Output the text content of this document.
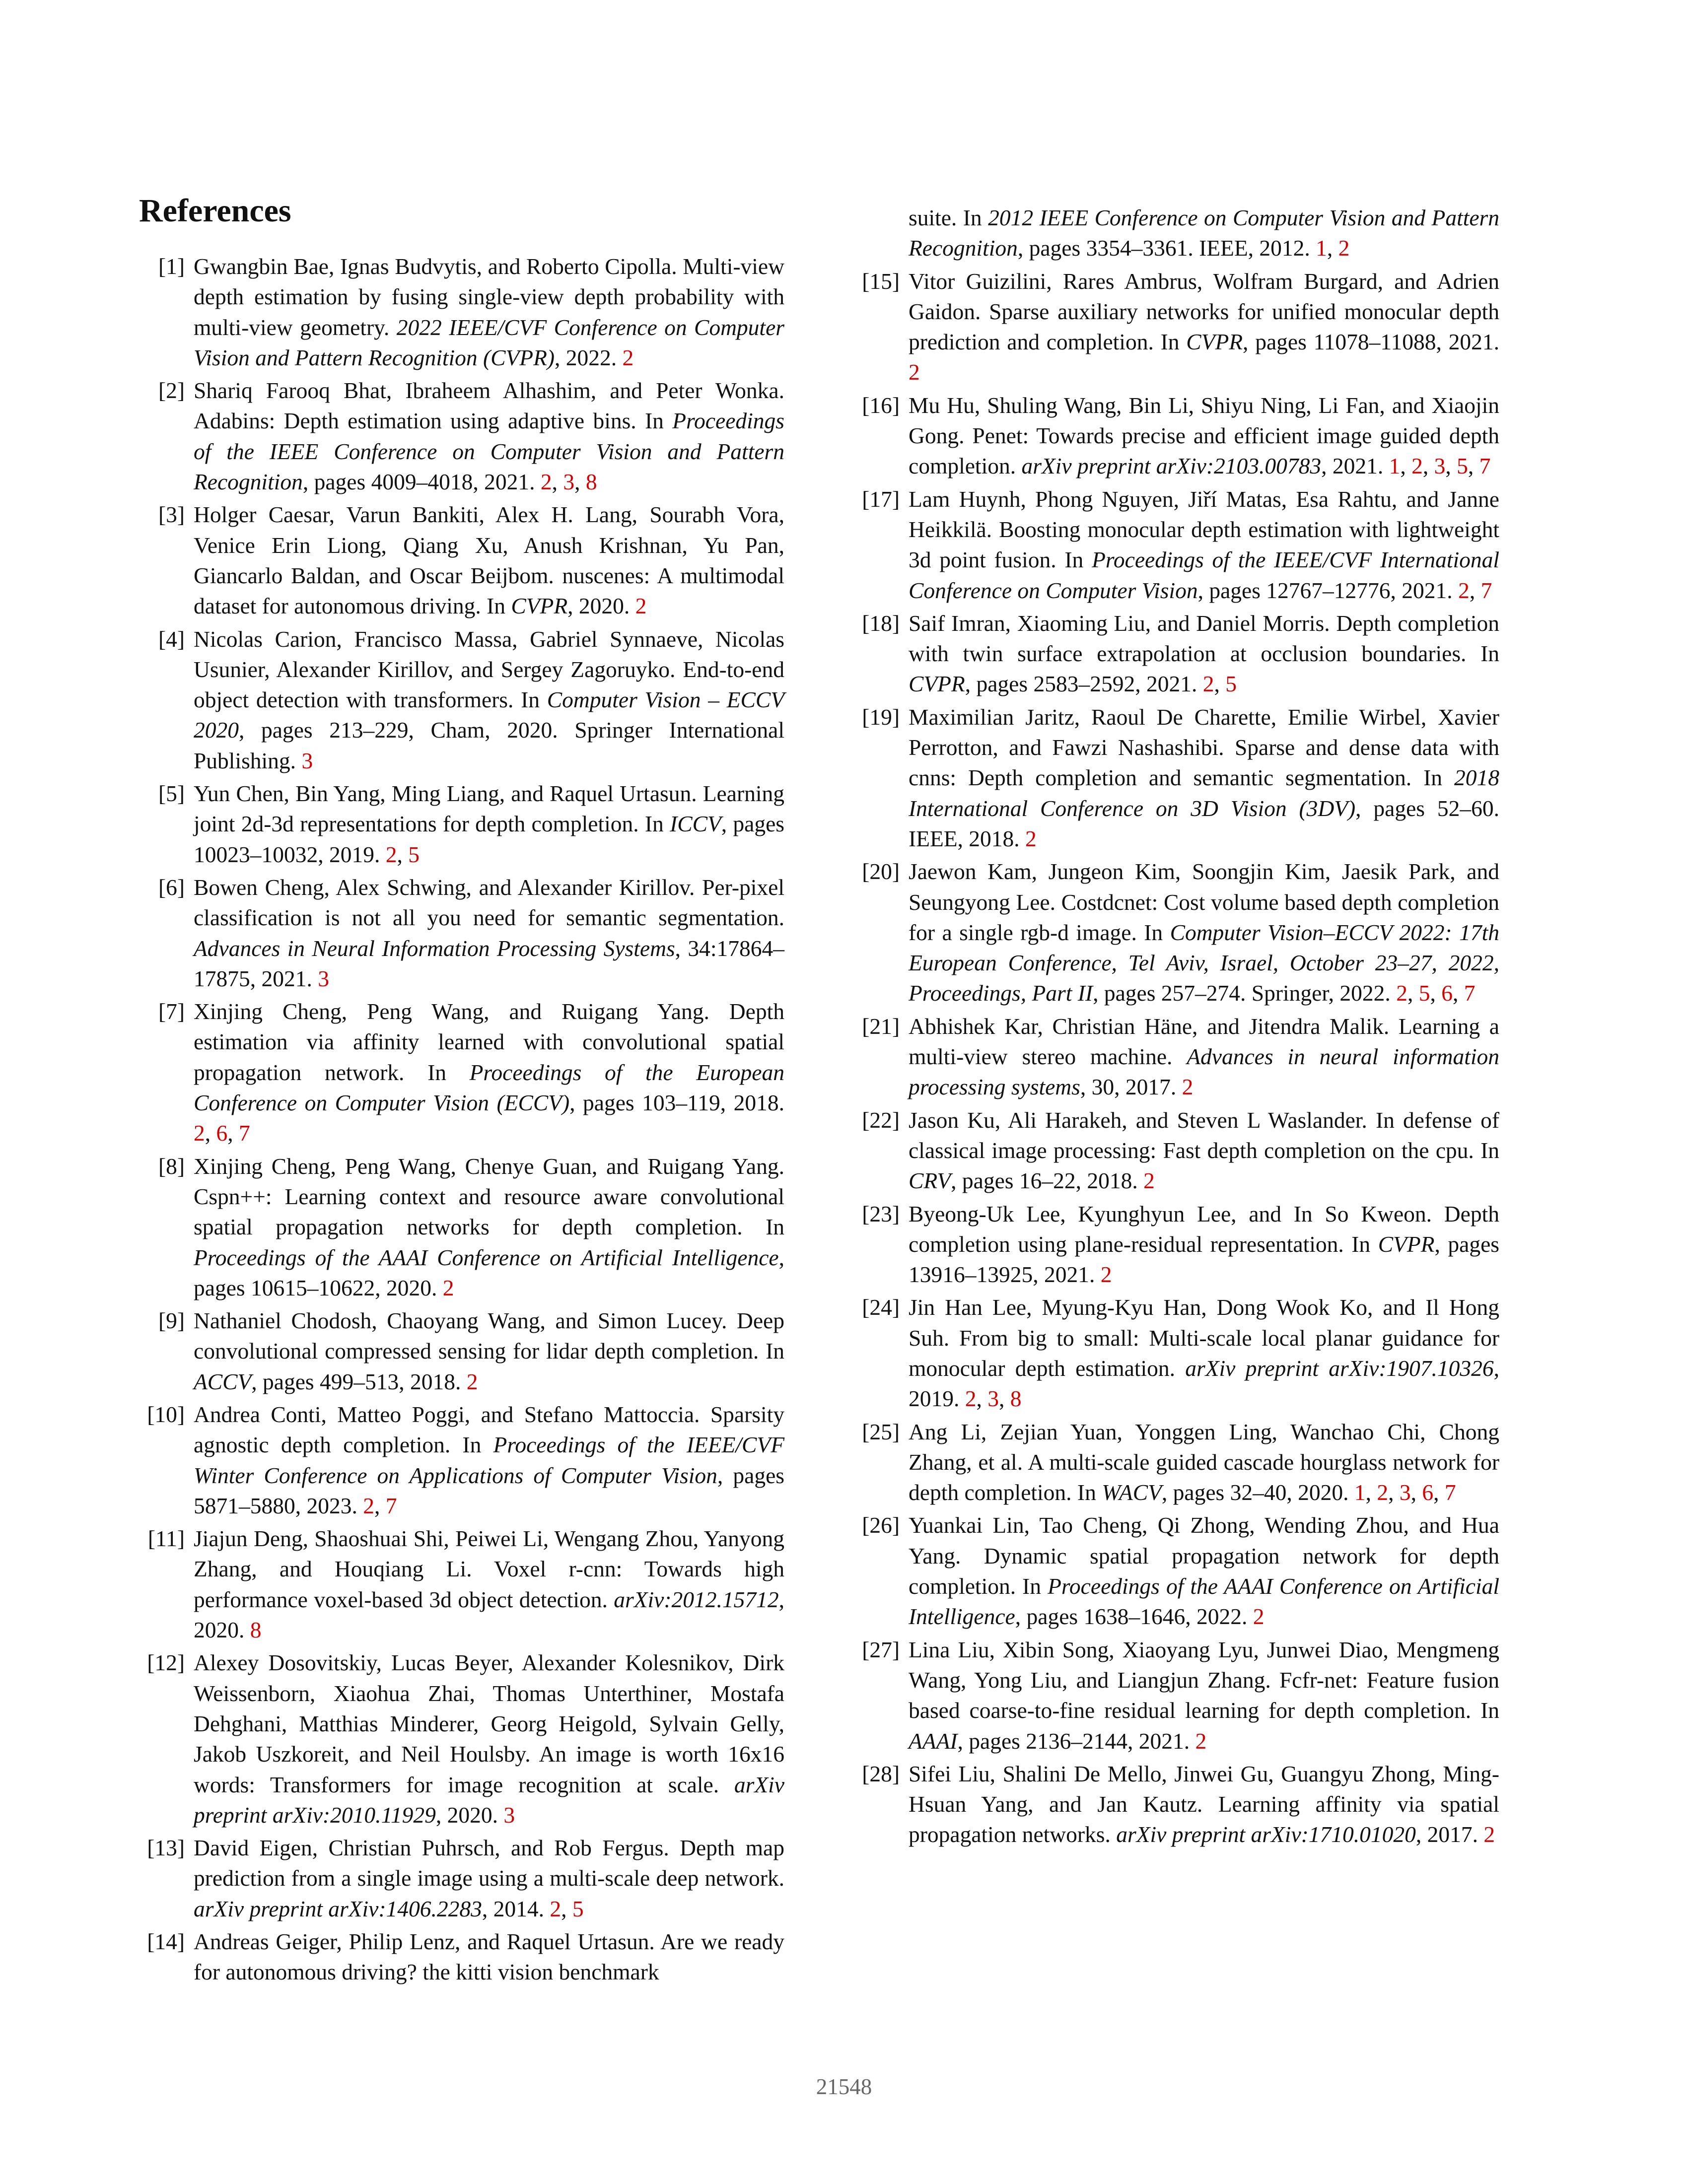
References
[1] Gwangbin Bae, Ignas Budvytis, and Roberto Cipolla. Multi-view depth estimation by fusing single-view depth probability with multi-view geometry. 2022 IEEE/CVF Conference on Computer Vision and Pattern Recognition (CVPR), 2022. 2
[2] Shariq Farooq Bhat, Ibraheem Alhashim, and Peter Wonka. Adabins: Depth estimation using adaptive bins. In Proceedings of the IEEE Conference on Computer Vision and Pattern Recognition, pages 4009–4018, 2021. 2, 3, 8
[3] Holger Caesar, Varun Bankiti, Alex H. Lang, Sourabh Vora, Venice Erin Liong, Qiang Xu, Anush Krishnan, Yu Pan, Giancarlo Baldan, and Oscar Beijbom. nuscenes: A multimodal dataset for autonomous driving. In CVPR, 2020. 2
[4] Nicolas Carion, Francisco Massa, Gabriel Synnaeve, Nicolas Usunier, Alexander Kirillov, and Sergey Zagoruyko. End-to-end object detection with transformers. In Computer Vision – ECCV 2020, pages 213–229, Cham, 2020. Springer International Publishing. 3
[5] Yun Chen, Bin Yang, Ming Liang, and Raquel Urtasun. Learning joint 2d-3d representations for depth completion. In ICCV, pages 10023–10032, 2019. 2, 5
[6] Bowen Cheng, Alex Schwing, and Alexander Kirillov. Per-pixel classification is not all you need for semantic segmentation. Advances in Neural Information Processing Systems, 34:17864–17875, 2021. 3
[7] Xinjing Cheng, Peng Wang, and Ruigang Yang. Depth estimation via affinity learned with convolutional spatial propagation network. In Proceedings of the European Conference on Computer Vision (ECCV), pages 103–119, 2018. 2, 6, 7
[8] Xinjing Cheng, Peng Wang, Chenye Guan, and Ruigang Yang. Cspn++: Learning context and resource aware convolutional spatial propagation networks for depth completion. In Proceedings of the AAAI Conference on Artificial Intelligence, pages 10615–10622, 2020. 2
[9] Nathaniel Chodosh, Chaoyang Wang, and Simon Lucey. Deep convolutional compressed sensing for lidar depth completion. In ACCV, pages 499–513, 2018. 2
[10] Andrea Conti, Matteo Poggi, and Stefano Mattoccia. Sparsity agnostic depth completion. In Proceedings of the IEEE/CVF Winter Conference on Applications of Computer Vision, pages 5871–5880, 2023. 2, 7
[11] Jiajun Deng, Shaoshuai Shi, Peiwei Li, Wengang Zhou, Yanyong Zhang, and Houqiang Li. Voxel r-cnn: Towards high performance voxel-based 3d object detection. arXiv:2012.15712, 2020. 8
[12] Alexey Dosovitskiy, Lucas Beyer, Alexander Kolesnikov, Dirk Weissenborn, Xiaohua Zhai, Thomas Unterthiner, Mostafa Dehghani, Matthias Minderer, Georg Heigold, Sylvain Gelly, Jakob Uszkoreit, and Neil Houlsby. An image is worth 16x16 words: Transformers for image recognition at scale. arXiv preprint arXiv:2010.11929, 2020. 3
[13] David Eigen, Christian Puhrsch, and Rob Fergus. Depth map prediction from a single image using a multi-scale deep network. arXiv preprint arXiv:1406.2283, 2014. 2, 5
[14] Andreas Geiger, Philip Lenz, and Raquel Urtasun. Are we ready for autonomous driving? the kitti vision benchmark
suite. In 2012 IEEE Conference on Computer Vision and Pattern Recognition, pages 3354–3361. IEEE, 2012. 1, 2
[15] Vitor Guizilini, Rares Ambrus, Wolfram Burgard, and Adrien Gaidon. Sparse auxiliary networks for unified monocular depth prediction and completion. In CVPR, pages 11078–11088, 2021. 2
[16] Mu Hu, Shuling Wang, Bin Li, Shiyu Ning, Li Fan, and Xiaojin Gong. Penet: Towards precise and efficient image guided depth completion. arXiv preprint arXiv:2103.00783, 2021. 1, 2, 3, 5, 7
[17] Lam Huynh, Phong Nguyen, Jiří Matas, Esa Rahtu, and Janne Heikkilä. Boosting monocular depth estimation with lightweight 3d point fusion. In Proceedings of the IEEE/CVF International Conference on Computer Vision, pages 12767–12776, 2021. 2, 7
[18] Saif Imran, Xiaoming Liu, and Daniel Morris. Depth completion with twin surface extrapolation at occlusion boundaries. In CVPR, pages 2583–2592, 2021. 2, 5
[19] Maximilian Jaritz, Raoul De Charette, Emilie Wirbel, Xavier Perrotton, and Fawzi Nashashibi. Sparse and dense data with cnns: Depth completion and semantic segmentation. In 2018 International Conference on 3D Vision (3DV), pages 52–60. IEEE, 2018. 2
[20] Jaewon Kam, Jungeon Kim, Soongjin Kim, Jaesik Park, and Seungyong Lee. Costdcnet: Cost volume based depth completion for a single rgb-d image. In Computer Vision–ECCV 2022: 17th European Conference, Tel Aviv, Israel, October 23–27, 2022, Proceedings, Part II, pages 257–274. Springer, 2022. 2, 5, 6, 7
[21] Abhishek Kar, Christian Häne, and Jitendra Malik. Learning a multi-view stereo machine. Advances in neural information processing systems, 30, 2017. 2
[22] Jason Ku, Ali Harakeh, and Steven L Waslander. In defense of classical image processing: Fast depth completion on the cpu. In CRV, pages 16–22, 2018. 2
[23] Byeong-Uk Lee, Kyunghyun Lee, and In So Kweon. Depth completion using plane-residual representation. In CVPR, pages 13916–13925, 2021. 2
[24] Jin Han Lee, Myung-Kyu Han, Dong Wook Ko, and Il Hong Suh. From big to small: Multi-scale local planar guidance for monocular depth estimation. arXiv preprint arXiv:1907.10326, 2019. 2, 3, 8
[25] Ang Li, Zejian Yuan, Yonggen Ling, Wanchao Chi, Chong Zhang, et al. A multi-scale guided cascade hourglass network for depth completion. In WACV, pages 32–40, 2020. 1, 2, 3, 6, 7
[26] Yuankai Lin, Tao Cheng, Qi Zhong, Wending Zhou, and Hua Yang. Dynamic spatial propagation network for depth completion. In Proceedings of the AAAI Conference on Artificial Intelligence, pages 1638–1646, 2022. 2
[27] Lina Liu, Xibin Song, Xiaoyang Lyu, Junwei Diao, Mengmeng Wang, Yong Liu, and Liangjun Zhang. Fcfr-net: Feature fusion based coarse-to-fine residual learning for depth completion. In AAAI, pages 2136–2144, 2021. 2
[28] Sifei Liu, Shalini De Mello, Jinwei Gu, Guangyu Zhong, Ming-Hsuan Yang, and Jan Kautz. Learning affinity via spatial propagation networks. arXiv preprint arXiv:1710.01020, 2017. 2
21548
